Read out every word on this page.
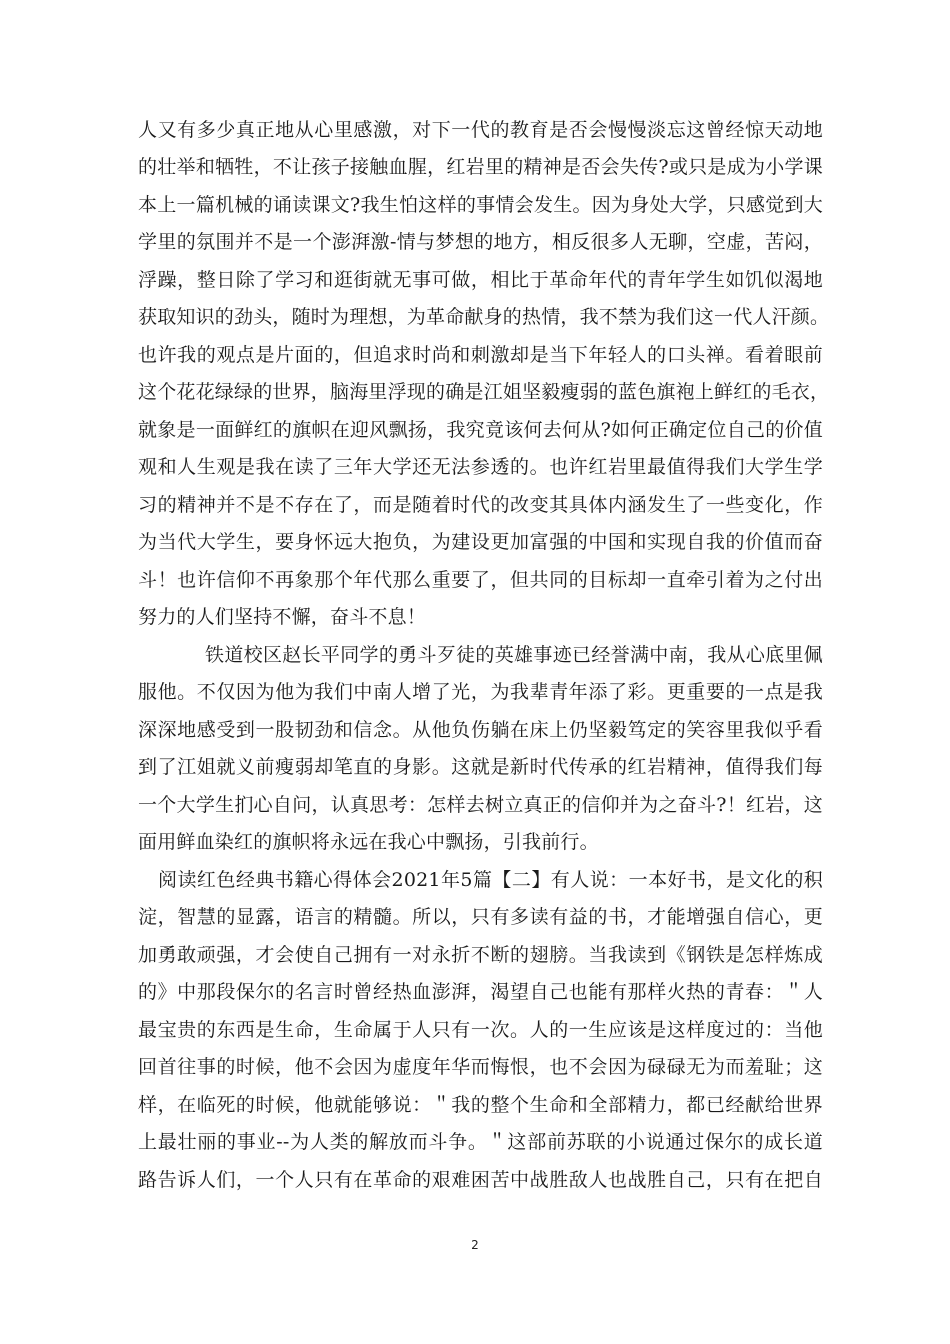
人又有多少真正地从心里感激，对下一代的教育是否会慢慢淡忘这曾经惊天动地
的壮举和牺牲，不让孩子接触血腥，红岩里的精神是否会失传?或只是成为小学课
本上一篇机械的诵读课文?我生怕这样的事情会发生。因为身处大学，只感觉到大
学里的氛围并不是一个澎湃激-情与梦想的地方，相反很多人无聊，空虚，苦闷，
浮躁，整日除了学习和逛街就无事可做，相比于革命年代的青年学生如饥似渴地
获取知识的劲头，随时为理想，为革命献身的热情，我不禁为我们这一代人汗颜。
也许我的观点是片面的，但追求时尚和刺激却是当下年轻人的口头禅。看着眼前
这个花花绿绿的世界，脑海里浮现的确是江姐坚毅瘦弱的蓝色旗袍上鲜红的毛衣，
就象是一面鲜红的旗帜在迎风飘扬，我究竟该何去何从?如何正确定位自己的价值
观和人生观是我在读了三年大学还无法参透的。也许红岩里最值得我们大学生学
习的精神并不是不存在了，而是随着时代的改变其具体内涵发生了一些变化，作
为当代大学生，要身怀远大抱负，为建设更加富强的中国和实现自我的价值而奋
斗！也许信仰不再象那个年代那么重要了，但共同的目标却一直牵引着为之付出
努力的人们坚持不懈，奋斗不息！
铁道校区赵长平同学的勇斗歹徒的英雄事迹已经誉满中南，我从心底里佩
服他。不仅因为他为我们中南人增了光，为我辈青年添了彩。更重要的一点是我
深深地感受到一股韧劲和信念。从他负伤躺在床上仍坚毅笃定的笑容里我似乎看
到了江姐就义前瘦弱却笔直的身影。这就是新时代传承的红岩精神，值得我们每
一个大学生扪心自问，认真思考：怎样去树立真正的信仰并为之奋斗?！红岩，这
面用鲜血染红的旗帜将永远在我心中飘扬，引我前行。
阅读红色经典书籍心得体会2021年5篇【二】有人说：一本好书，是文化的积
淀，智慧的显露，语言的精髓。所以，只有多读有益的书，才能增强自信心，更
加勇敢顽强，才会使自己拥有一对永折不断的翅膀。当我读到《钢铁是怎样炼成
的》中那段保尔的名言时曾经热血澎湃，渴望自己也能有那样火热的青春：＂人
最宝贵的东西是生命，生命属于人只有一次。人的一生应该是这样度过的：当他
回首往事的时候，他不会因为虚度年华而悔恨，也不会因为碌碌无为而羞耻；这
样，在临死的时候，他就能够说：＂我的整个生命和全部精力，都已经献给世界
上最壮丽的事业--为人类的解放而斗争。＂这部前苏联的小说通过保尔的成长道
路告诉人们，一个人只有在革命的艰难困苦中战胜敌人也战胜自己，只有在把自
2
